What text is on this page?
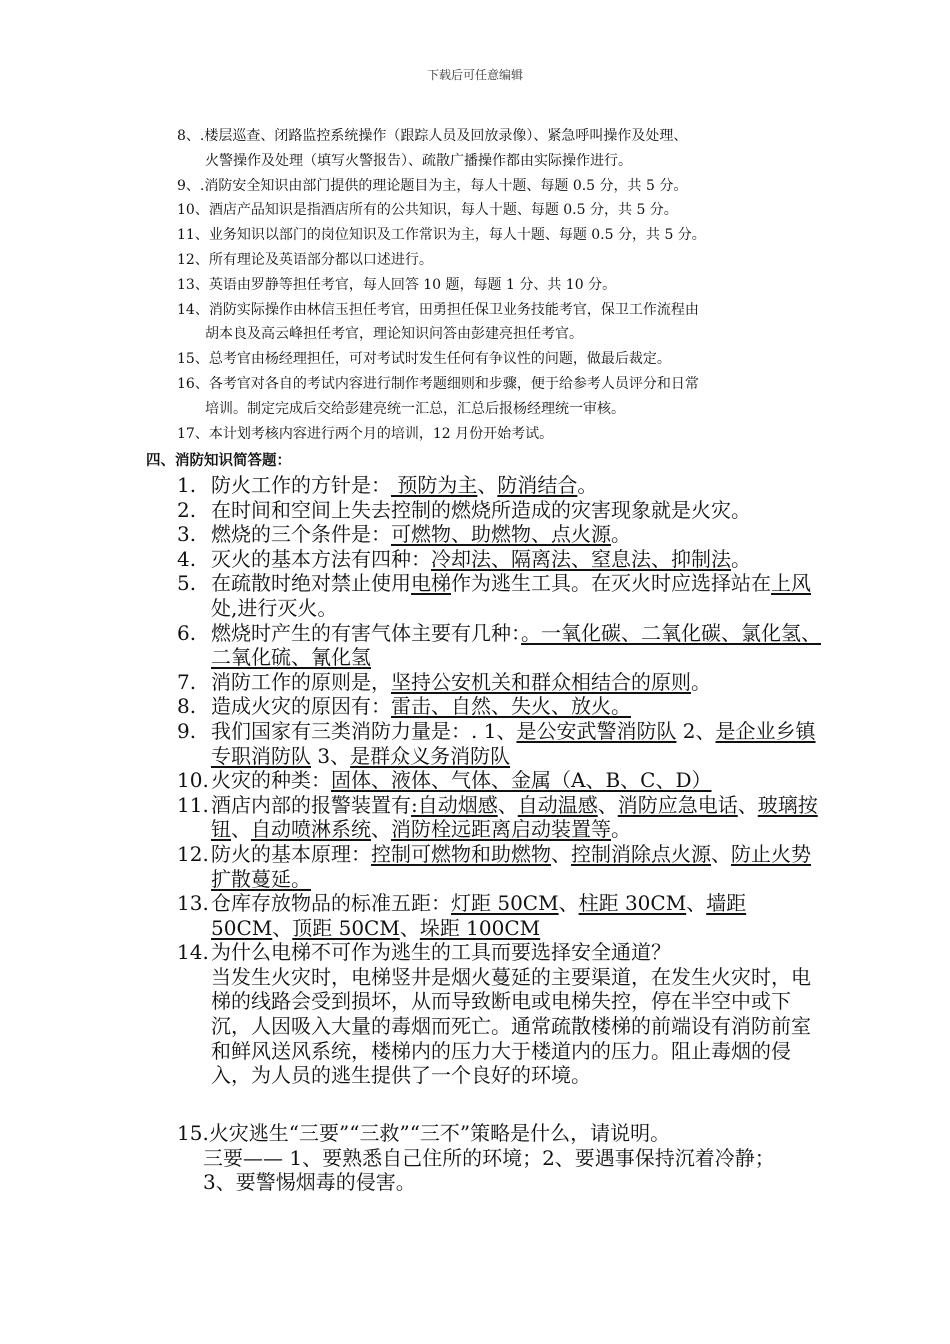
下载后可任意编辑

8、.楼层巡查、闭路监控系统操作（跟踪人员及回放录像）、紧急呼叫操作及处理、

火警操作及处理（填写火警报告）、疏散广播操作都由实际操作进行。

9、.消防安全知识由部门提供的理论题目为主，每人十题、每题 0.5 分，共 5 分。

10、酒店产品知识是指酒店所有的公共知识，每人十题、每题 0.5 分，共 5 分。

11、业务知识以部门的岗位知识及工作常识为主，每人十题、每题 0.5 分，共 5 分。

12、所有理论及英语部分都以口述进行。

13、英语由罗静等担任考官，每人回答 10 题，每题 1 分、共 10 分。

14、消防实际操作由林信玉担任考官，田勇担任保卫业务技能考官，保卫工作流程由

胡本良及高云峰担任考官，理论知识问答由彭建亮担任考官。

15、总考官由杨经理担任，可对考试时发生任何有争议性的问题，做最后裁定。

16、各考官对各自的考试内容进行制作考题细则和步骤，便于给参考人员评分和日常

培训。制定完成后交给彭建亮统一汇总，汇总后报杨经理统一审核。

17、本计划考核内容进行两个月的培训，12 月份开始考试。

四、消防知识简答题：
1. 防火工作的方针是： 预防为主、防消结合。
2. 在时间和空间上失去控制的燃烧所造成的灾害现象就是火灾。
3. 燃烧的三个条件是：可燃物、助燃物、点火源。
4. 灭火的基本方法有四种：冷却法、隔离法、窒息法、抑制法。
5. 在疏散时绝对禁止使用电梯作为逃生工具。在灭火时应选择站在上风处,进行灭火。
6. 燃烧时产生的有害气体主要有几种：。一氧化碳、二氧化碳、氯化氢、二氧化硫、氰化氢
7. 消防工作的原则是，坚持公安机关和群众相结合的原则。
8. 造成火灾的原因有：雷击、自然、失火、放火。
9. 我们国家有三类消防力量是：. 1、是公安武警消防队 2、是企业乡镇专职消防队 3、是群众义务消防队
10. 火灾的种类：固体、液体、气体、金属（A、B、C、D）
11. 酒店内部的报警装置有:自动烟感、自动温感、消防应急电话、玻璃按钮、自动喷淋系统、消防栓远距离启动装置等。
12. 防火的基本原理：控制可燃物和助燃物、控制消除点火源、防止火势扩散蔓延。
13. 仓库存放物品的标准五距：灯距 50CM、柱距 30CM、墙距 50CM、顶距 50CM、垛距 100CM
14. 为什么电梯不可作为逃生的工具而要选择安全通道？
当发生火灾时，电梯竖井是烟火蔓延的主要渠道，在发生火灾时，电梯的线路会受到损坏，从而导致断电或电梯失控，停在半空中或下沉，人因吸入大量的毒烟而死亡。通常疏散楼梯的前端设有消防前室和鲜风送风系统，楼梯内的压力大于楼道内的压力。阻止毒烟的侵入，为人员的逃生提供了一个良好的环境。
15.火灾逃生“三要”“三救”“三不”策略是什么，请说明。
三要—— 1、要熟悉自己住所的环境；2、要遇事保持沉着冷静；3、要警惕烟毒的侵害。
